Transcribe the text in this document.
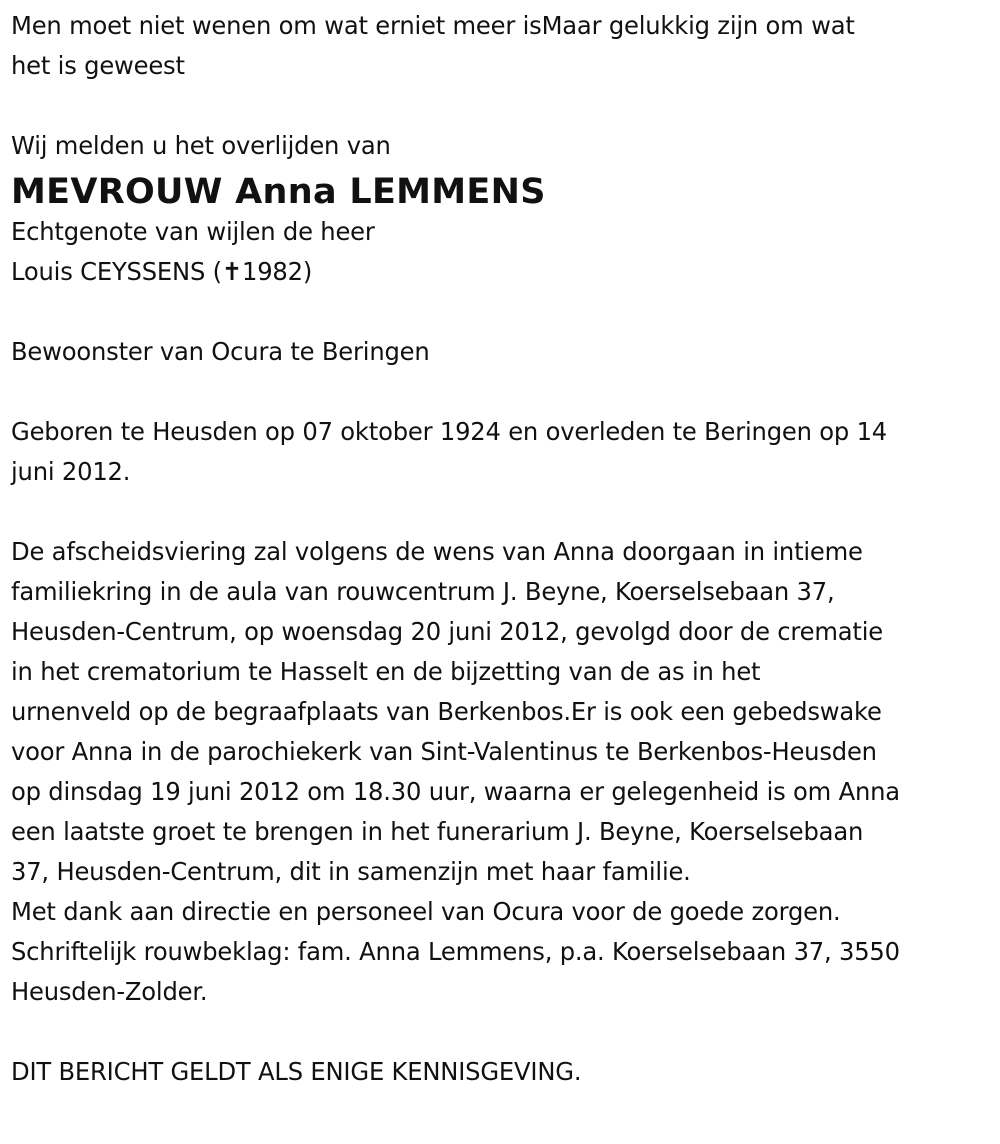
Men moet niet wenen om wat erniet meer isMaar gelukkig zijn om wat
het is geweest
Wij melden u het overlijden van
MEVROUW Anna LEMMENS
Echtgenote van wijlen de heer
Louis CEYSSENS (✝1982)
Bewoonster van Ocura te Beringen
Geboren te Heusden op 07 oktober 1924 en overleden te Beringen op 14
juni 2012.
De afscheidsviering zal volgens de wens van Anna doorgaan in intieme
familiekring in de aula van rouwcentrum J. Beyne, Koerselsebaan 37,
Heusden-Centrum, op woensdag 20 juni 2012, gevolgd door de crematie
in het crematorium te Hasselt en de bijzetting van de as in het
urnenveld op de begraafplaats van Berkenbos.Er is ook een gebedswake
voor Anna in de parochiekerk van Sint-Valentinus te Berkenbos-Heusden
op dinsdag 19 juni 2012 om 18.30 uur, waarna er gelegenheid is om Anna
een laatste groet te brengen in het funerarium J. Beyne, Koerselsebaan
37, Heusden-Centrum, dit in samenzijn met haar familie.
Met dank aan directie en personeel van Ocura voor de goede zorgen.
Schriftelijk rouwbeklag: fam. Anna Lemmens, p.a. Koerselsebaan 37, 3550
Heusden-Zolder.
DIT BERICHT GELDT ALS ENIGE KENNISGEVING.
